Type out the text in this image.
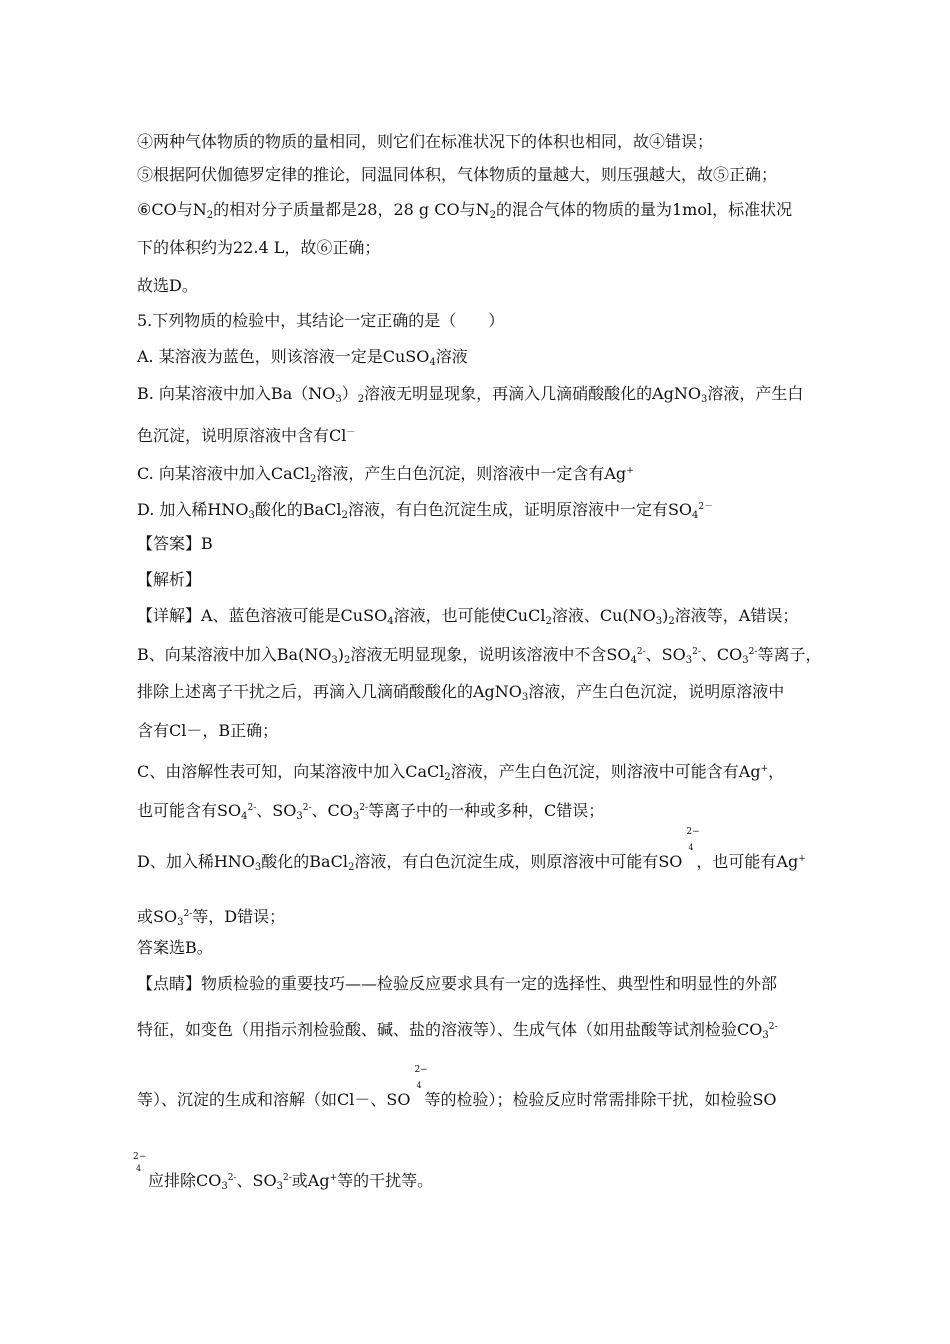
④两种气体物质的物质的量相同，则它们在标准状况下的体积也相同，故④错误；
⑤根据阿伏伽德罗定律的推论，同温同体积，气体物质的量越大，则压强越大，故⑤正确；
⑥CO与$N_2$的相对分子质量都是28，28 g CO与$N_2$的混合气体的物质的量为1mol，标准状况
下的体积约为22.4 L，故⑥正确；
故选D。
5.下列物质的检验中，其结论一定正确的是（　　）
A. 某溶液为蓝色，则该溶液一定是CuSO$_4$溶液
B. 向某溶液中加入$Ba(NO_3)_2$溶液无明显现象，再滴入几滴硝酸酸化的AgNO$_3$溶液，产生白
色沉淀，说明原溶液中含有Cl－
C. 向某溶液中加入CaCl$_2$溶液，产生白色沉淀，则溶液中一定含有Ag+
D. 加入稀$HNO_3$酸化的BaCl$_2$溶液，有白色沉淀生成，证明原溶液中一定有$SO_4^{2-}$
【答案】B
【解析】
【详解】A、蓝色溶液可能是CuSO$_4$溶液，也可能使CuCl$_2$溶液、$Cu(NO_3)_2$溶液等，A错误；
B、向某溶液中加入$Ba(NO_3)_2$溶液无明显现象，说明该溶液中不含$SO_4^{2-}$、$SO_3^{2-}$、$CO_3^{2-}$等离子，
排除上述离子干扰之后，再滴入几滴硝酸酸化的AgNO$_3$溶液，产生白色沉淀，说明原溶液中
含有Cl－，B正确；
C、由溶解性表可知，向某溶液中加入CaCl$_2$溶液，产生白色沉淀，则溶液中可能含有Ag+，
也可能含有$SO_4^{2-}$、$SO_3^{2-}$、$CO_3^{2-}$等离子中的一种或多种，C错误；
D、加入稀$HNO_3$酸化的BaCl$_2$溶液，有白色沉淀生成，则原溶液中可能有SO
2−
4
，也可能有Ag+
或$SO_3^{2-}$等，D错误；
答案选B。
【点睛】物质检验的重要技巧——检验反应要求具有一定的选择性、典型性和明显性的外部
特征，如变色（用指示剂检验酸、碱、盐的溶液等）、生成气体（如用盐酸等试剂检验$CO_3^{2-}$
等）、沉淀的生成和溶解（如Cl－、SO
2−
4
等的检验）；检验反应时常需排除干扰，如检验SO
2−
4
应排除$CO_3^{2-}$、$SO_3^{2-}$或Ag+等的干扰等。
